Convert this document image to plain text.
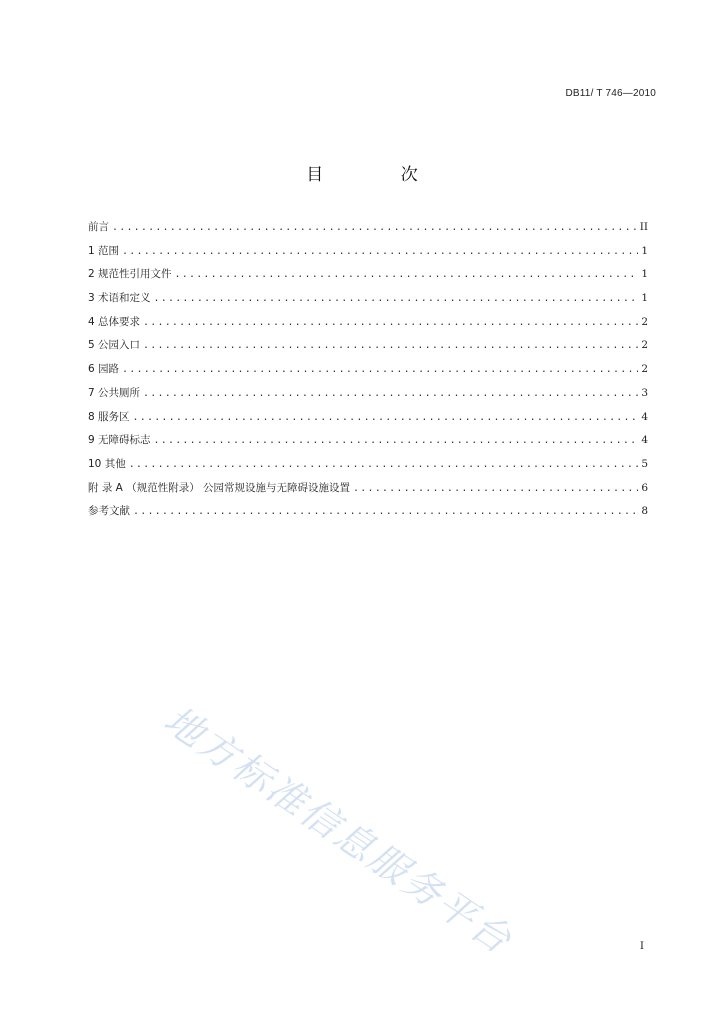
DB11/ T 746—2010
目 次
前言 .....	II
1 范围 .....	1
2 规范性引用文件 .....	1
3 术语和定义 .....	1
4 总体要求 .....	2
5 公园入口 .....	2
6 园路 .....	2
7 公共厕所 .....	3
8 服务区 .....	4
9 无障碍标志 .....	4
10 其他 .....	5
附 录 A （规范性附录） 公园常规设施与无障碍设施设置 .....	6
参考文献 .....	8
地方标准信息服务平台	I
